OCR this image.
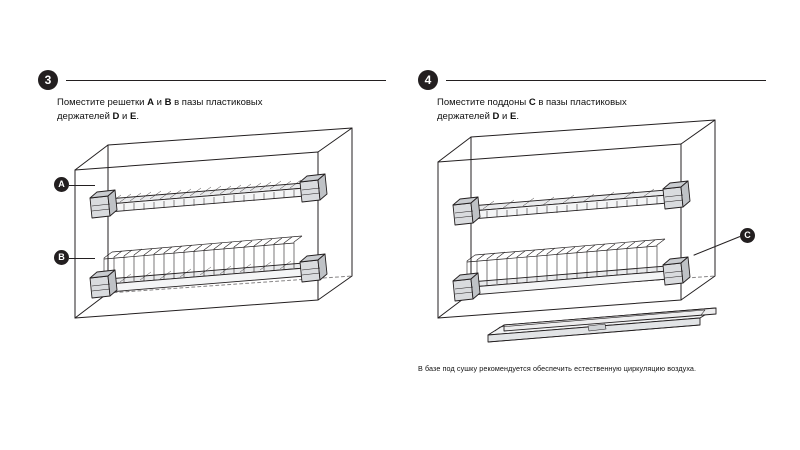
3
Поместите решетки A и B в пазы пластиковых
держателей D и E.
A
B
4
Поместите поддоны C в пазы пластиковых
держателей D и E.
C
В базе под сушку рекомендуется обеспечить естественную циркуляцию воздуха.
